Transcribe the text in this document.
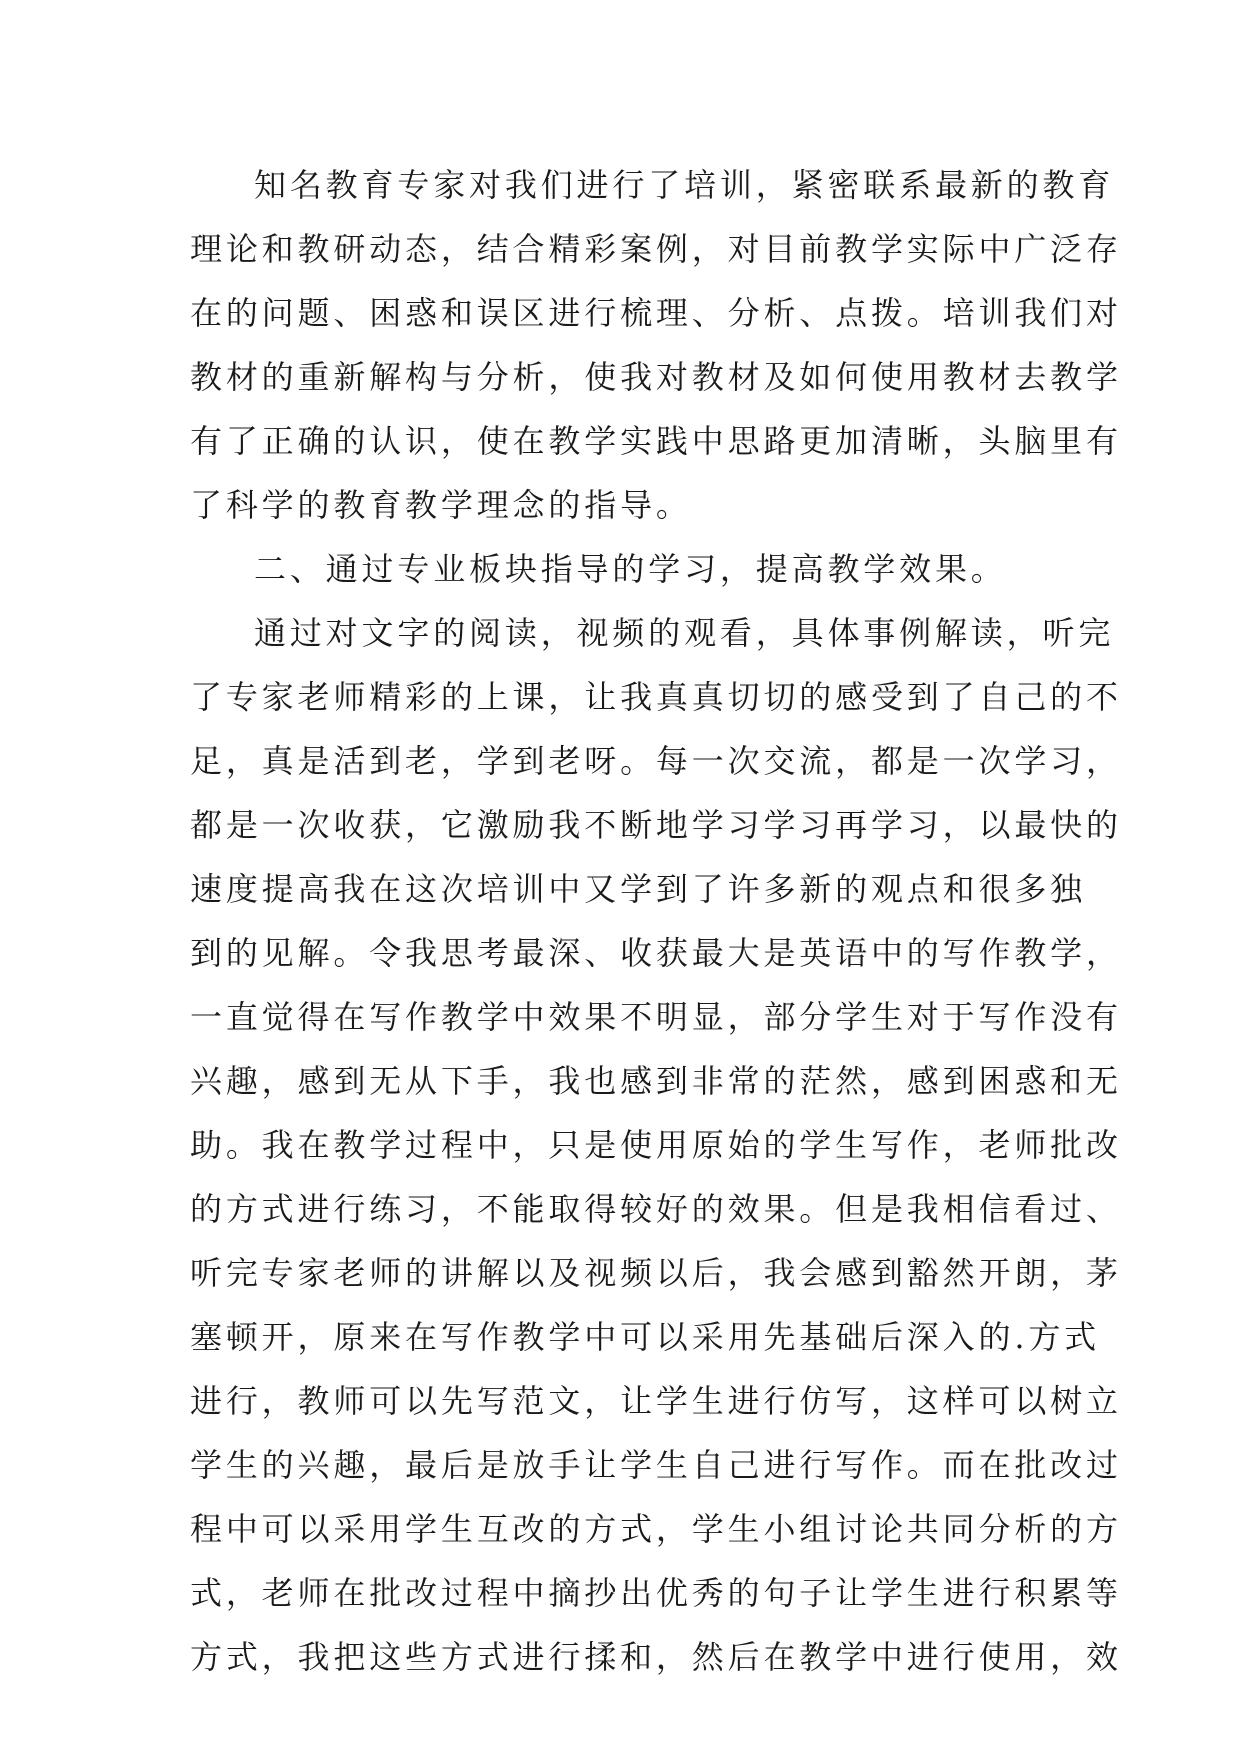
知名教育专家对我们进行了培训，紧密联系最新的教育
理论和教研动态，结合精彩案例，对目前教学实际中广泛存
在的问题、困惑和误区进行梳理、分析、点拨。培训我们对
教材的重新解构与分析，使我对教材及如何使用教材去教学
有了正确的认识，使在教学实践中思路更加清晰，头脑里有
了科学的教育教学理念的指导。
二、通过专业板块指导的学习，提高教学效果。
通过对文字的阅读，视频的观看，具体事例解读，听完
了专家老师精彩的上课，让我真真切切的感受到了自己的不
足，真是活到老，学到老呀。每一次交流，都是一次学习，
都是一次收获，它激励我不断地学习学习再学习，以最快的
速度提高我在这次培训中又学到了许多新的观点和很多独
到的见解。令我思考最深、收获最大是英语中的写作教学，
一直觉得在写作教学中效果不明显，部分学生对于写作没有
兴趣，感到无从下手，我也感到非常的茫然，感到困惑和无
助。我在教学过程中，只是使用原始的学生写作，老师批改
的方式进行练习，不能取得较好的效果。但是我相信看过、
听完专家老师的讲解以及视频以后，我会感到豁然开朗，茅
塞顿开，原来在写作教学中可以采用先基础后深入的.方式
进行，教师可以先写范文，让学生进行仿写，这样可以树立
学生的兴趣，最后是放手让学生自己进行写作。而在批改过
程中可以采用学生互改的方式，学生小组讨论共同分析的方
式，老师在批改过程中摘抄出优秀的句子让学生进行积累等
方式，我把这些方式进行揉和，然后在教学中进行使用，效
